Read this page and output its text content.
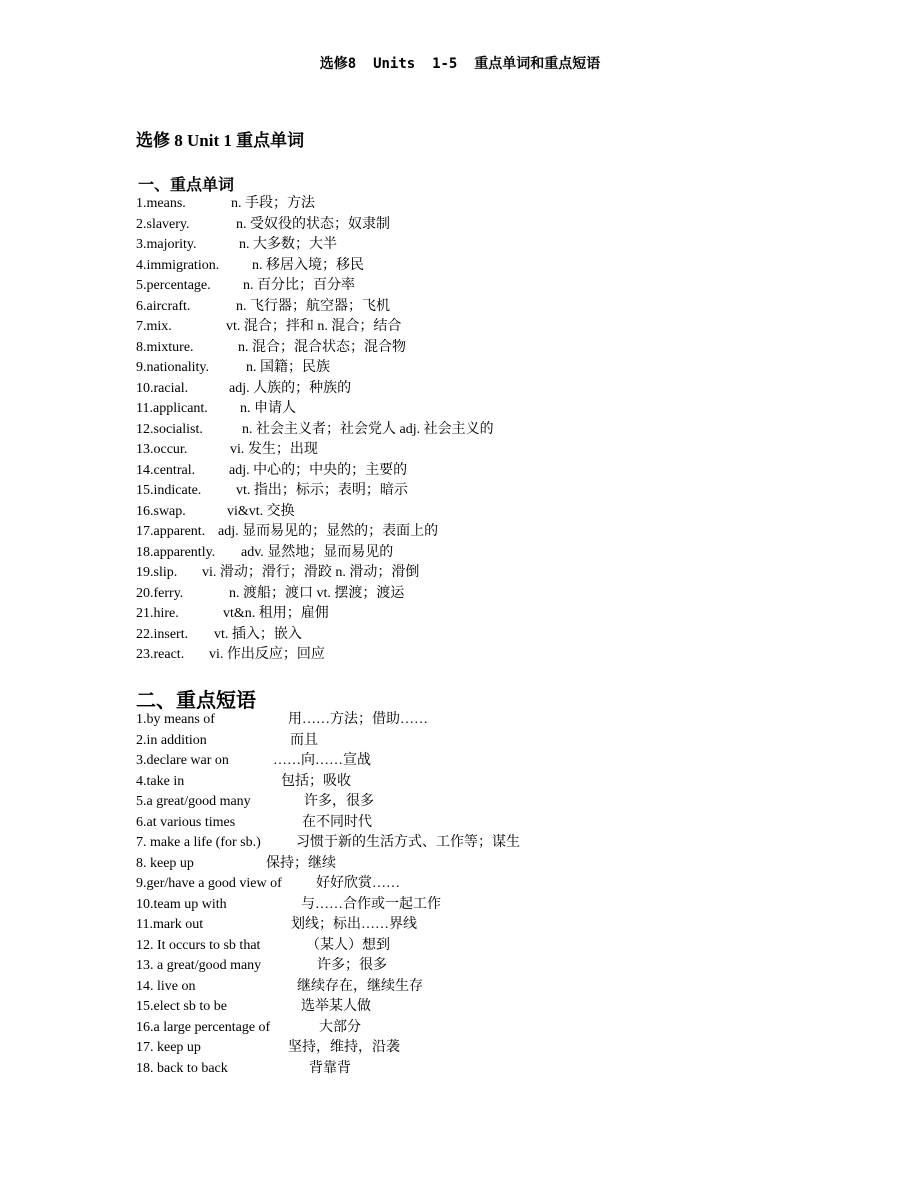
选修8  Units  1-5  重点单词和重点短语
选修 8 Unit 1 重点单词
一、重点单词
1.means.	n. 手段；方法
2.slavery.	n. 受奴役的状态；奴隶制
3.majority.	n. 大多数；大半
4.immigration. n. 移居入境；移民
5.percentage. n. 百分比；百分率
6.aircraft.	n. 飞行器；航空器；飞机
7.mix.	vt. 混合；拌和 n. 混合；结合
8.mixture.	n. 混合；混合状态；混合物
9.nationality.	n. 国籍；民族
10.racial.	adj. 人族的；种族的
11.applicant. n. 申请人
12.socialist.	n. 社会主义者；社会党人 adj. 社会主义的
13.occur.	vi. 发生；出现
14.central. adj. 中心的；中央的；主要的
15.indicate. vt. 指出；标示；表明；暗示
16.swap.	vi&vt. 交换
17.apparent. adj. 显而易见的；显然的；表面上的
18.apparently. adv. 显然地；显而易见的
19.slip. vi. 滑动；滑行；滑跤 n. 滑动；滑倒
20.ferry.	n. 渡船；渡口 vt. 摆渡；渡运
21.hire.	vt&n. 租用；雇佣
22.insert. vt. 插入；嵌入
23.react. vi. 作出反应；回应
二、重点短语
1.by means of	用……方法；借助……
2.in addition	而且
3.declare war on	……向……宣战
4.take in	包括；吸收
5.a great/good many	许多，很多
6.at various times	在不同时代
7. make a life (for sb.)	习惯于新的生活方式、工作等；谋生
8. keep up	保持；继续
9.ger/have a good view of 好好欣赏……
10.team up with	与……合作或一起工作
11.mark out	划线；标出……界线
12. It occurs to sb that	（某人）想到
13. a great/good many	许多；很多
14. live on	继续存在，继续生存
15.elect sb to be	选举某人做
16.a large percentage of	大部分
17. keep up	坚持，维持，沿袭
18. back to back	背靠背
